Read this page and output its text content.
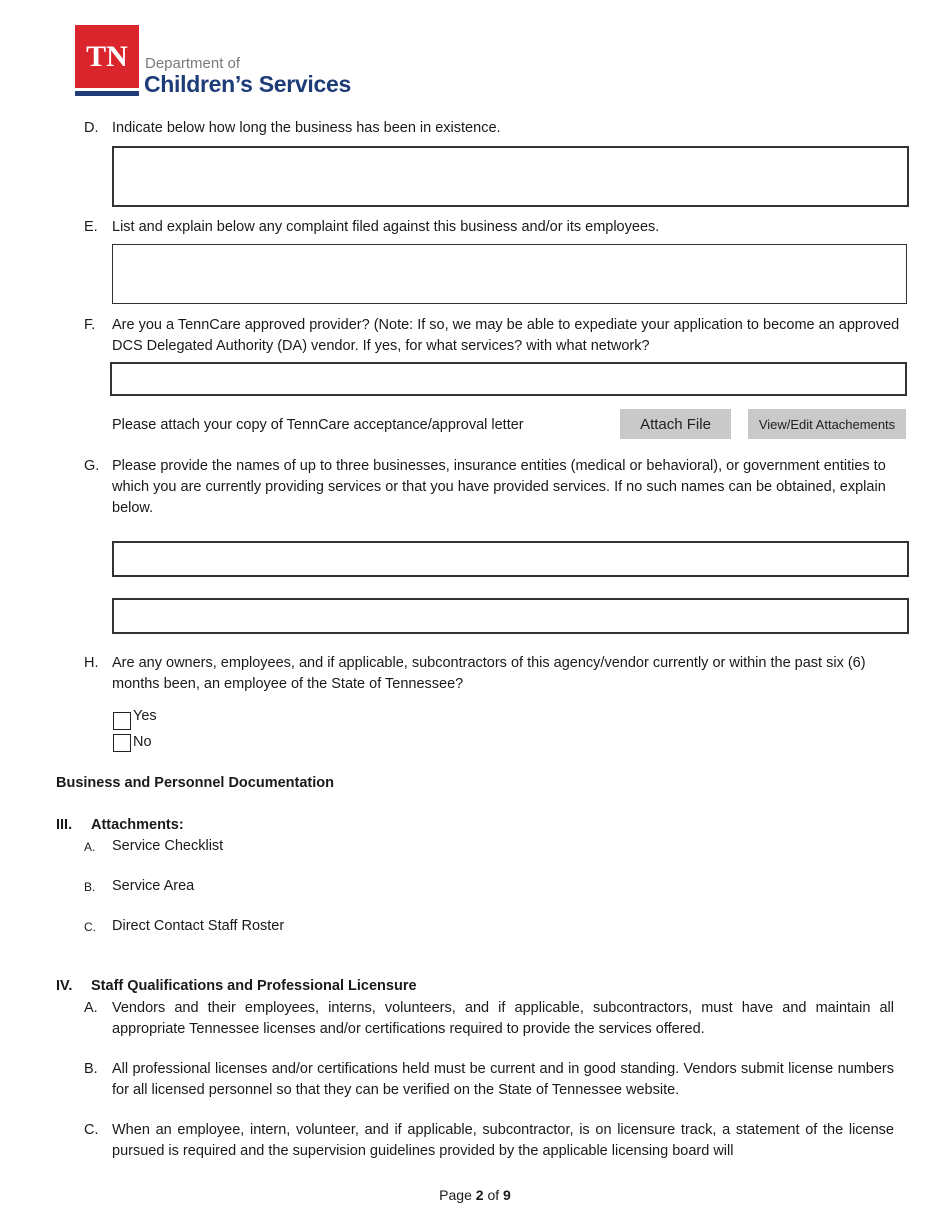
TN	Department of
Children’s Services
D. Indicate below how long the business has been in existence.
E. List and explain below any complaint filed against this business and/or its employees.
F. Are you a TennCare approved provider? (Note: If so, we may be able to expediate your application to become an approved DCS Delegated Authority (DA) vendor. If yes, for what services? with what network?
Please attach your copy of TennCare acceptance/approval letter	Attach File	View/Edit Attachements
G. Please provide the names of up to three businesses, insurance entities (medical or behavioral), or government entities to which you are currently providing services or that you have provided services. If no such names can be obtained, explain below.
H. Are any owners, employees, and if applicable, subcontractors of this agency/vendor currently or within the past six (6) months been, an employee of the State of Tennessee?
Yes
No
Business and Personnel Documentation
III. Attachments:
A. Service Checklist
B. Service Area
C. Direct Contact Staff Roster
IV. Staff Qualifications and Professional Licensure
A. Vendors and their employees, interns, volunteers, and if applicable, subcontractors, must have and maintain all appropriate Tennessee licenses and/or certifications required to provide the services offered.
B. All professional licenses and/or certifications held must be current and in good standing. Vendors submit license numbers for all licensed personnel so that they can be verified on the State of Tennessee website.
C. When an employee, intern, volunteer, and if applicable, subcontractor, is on licensure track, a statement of the license pursued is required and the supervision guidelines provided by the applicable licensing board will
Page 2 of 9
